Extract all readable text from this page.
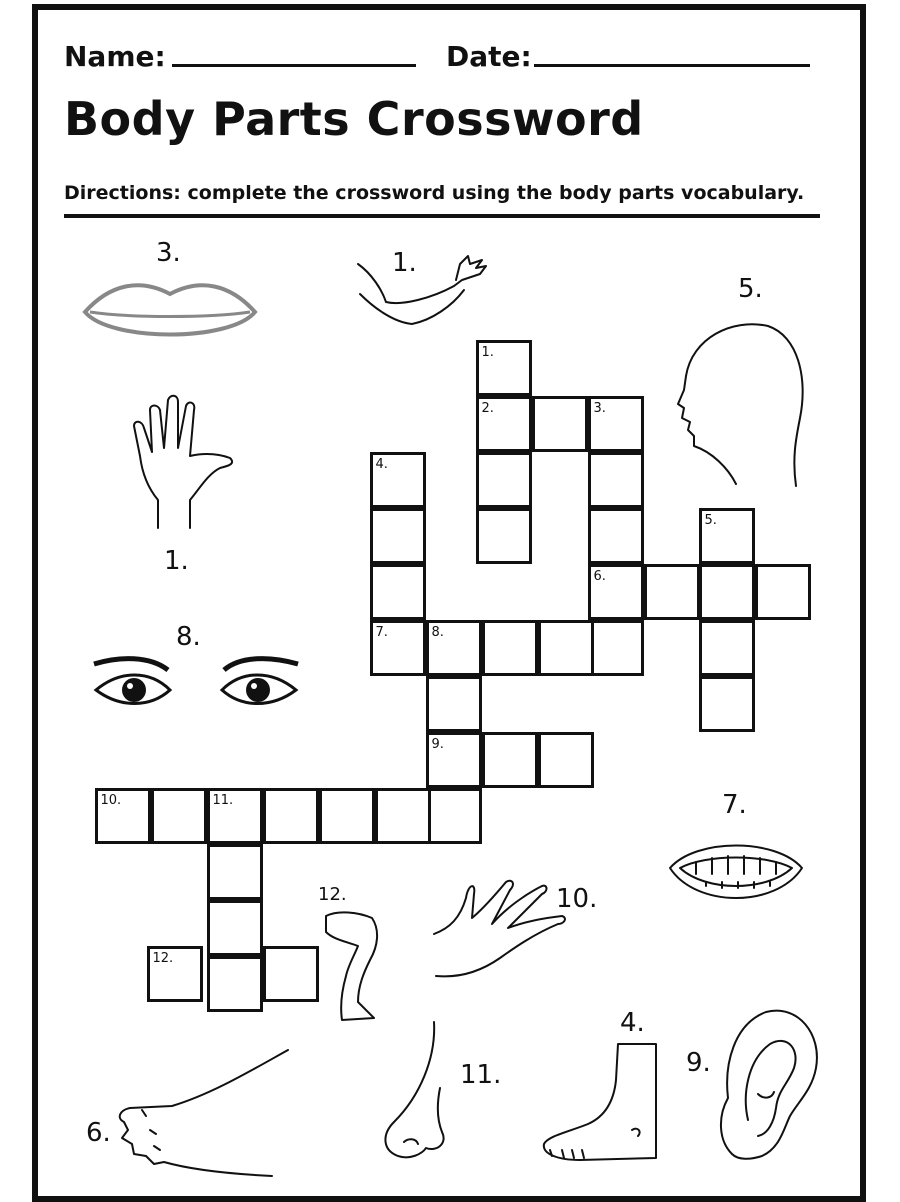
Name:	Date:
Body Parts Crossword
Directions: complete the crossword using the body parts vocabulary.
1.
2.	3.
6.
4.
7.	8.
5.
9.
10.	11.
12.
3.	1.
5.
1.
8.
7.
12.	10.
6.
11.
4.
9.
